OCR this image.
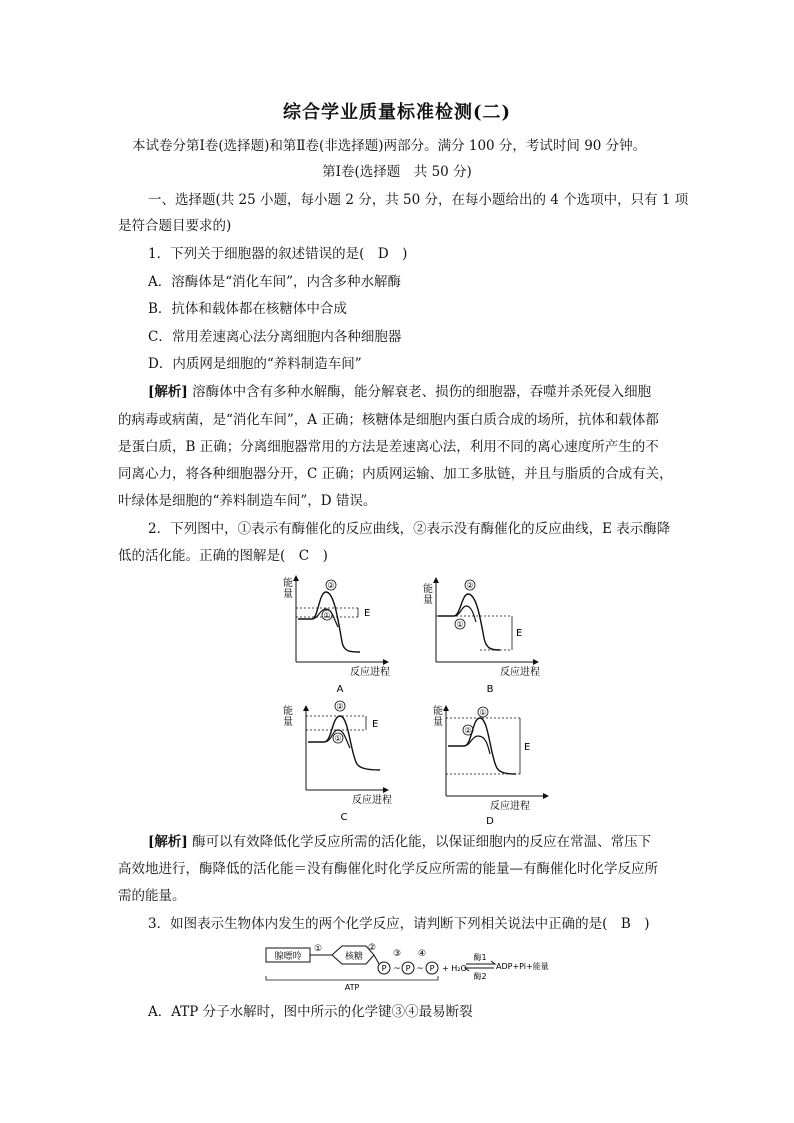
综合学业质量标准检测(二)
本试卷分第Ⅰ卷(选择题)和第Ⅱ卷(非选择题)两部分。满分 100 分，考试时间 90 分钟。
第Ⅰ卷(选择题　共 50 分)
一、选择题(共 25 小题，每小题 2 分，共 50 分，在每小题给出的 4 个选项中，只有 1 项
是符合题目要求的)
1．下列关于细胞器的叙述错误的是(　D　)
A．溶酶体是“消化车间”，内含多种水解酶
B．抗体和载体都在核糖体中合成
C．常用差速离心法分离细胞内各种细胞器
D．内质网是细胞的“养料制造车间”
[解析] 溶酶体中含有多种水解酶，能分解衰老、损伤的细胞器，吞噬并杀死侵入细胞
的病毒或病菌，是“消化车间”，A 正确；核糖体是细胞内蛋白质合成的场所，抗体和载体都
是蛋白质，B 正确；分离细胞器常用的方法是差速离心法，利用不同的离心速度所产生的不
同离心力，将各种细胞器分开，C 正确；内质网运输、加工多肽链，并且与脂质的合成有关，
叶绿体是细胞的“养料制造车间”，D 错误。
2．下列图中，①表示有酶催化的反应曲线，②表示没有酶催化的反应曲线，E 表示酶降
低的活化能。正确的图解是(　C　)
能
量
E
②
①
反应进程
A
能
量
E
②
①
反应进程
B
能
量	E
②
①
反应进程
C
能
量
E
①
②
反应进程
D
[解析] 酶可以有效降低化学反应所需的活化能，以保证细胞内的反应在常温、常压下
高效地进行，酶降低的活化能＝没有酶催化时化学反应所需的能量—有酶催化时化学反应所
需的能量。
3．如图表示生物体内发生的两个化学反应，请判断下列相关说法中正确的是(　B　)
腺嘌呤
①
核糖
②
P ~
③
P ~
④
P + H₂O
酶1
酶2
ADP+Pi+能量
ATP
A．ATP 分子水解时，图中所示的化学键③④最易断裂
